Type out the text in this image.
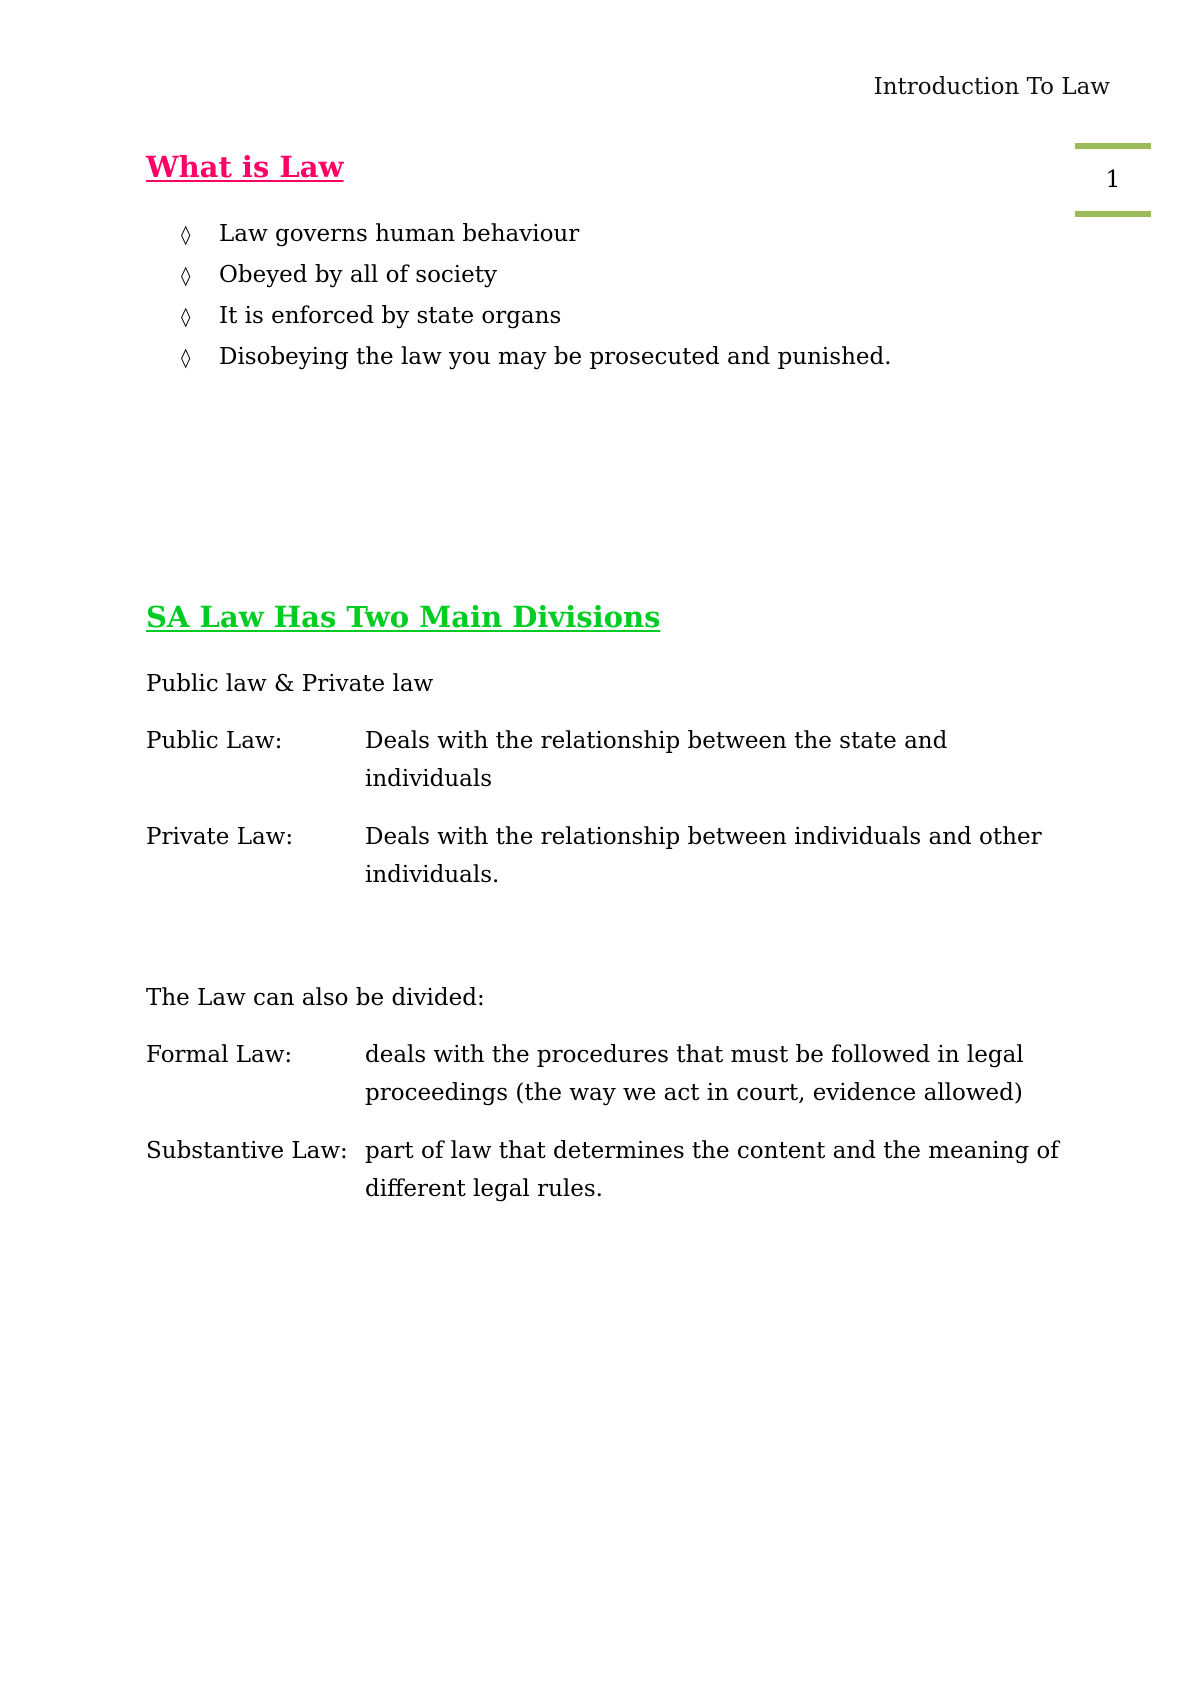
Introduction To Law
1
What is Law
◊ Law governs human behaviour
◊ Obeyed by all of society
◊ It is enforced by state organs
◊ Disobeying the law you may be prosecuted and punished.
SA Law Has Two Main Divisions

Public law & Private law

Public Law:	Deals with the relationship between the state and individuals
Private Law:	Deals with the relationship between individuals and other individuals.

The Law can also be divided:

Formal Law:	deals with the procedures that must be followed in legal proceedings (the way we act in court, evidence allowed)
Substantive Law: part of law that determines the content and the meaning of different legal rules.
